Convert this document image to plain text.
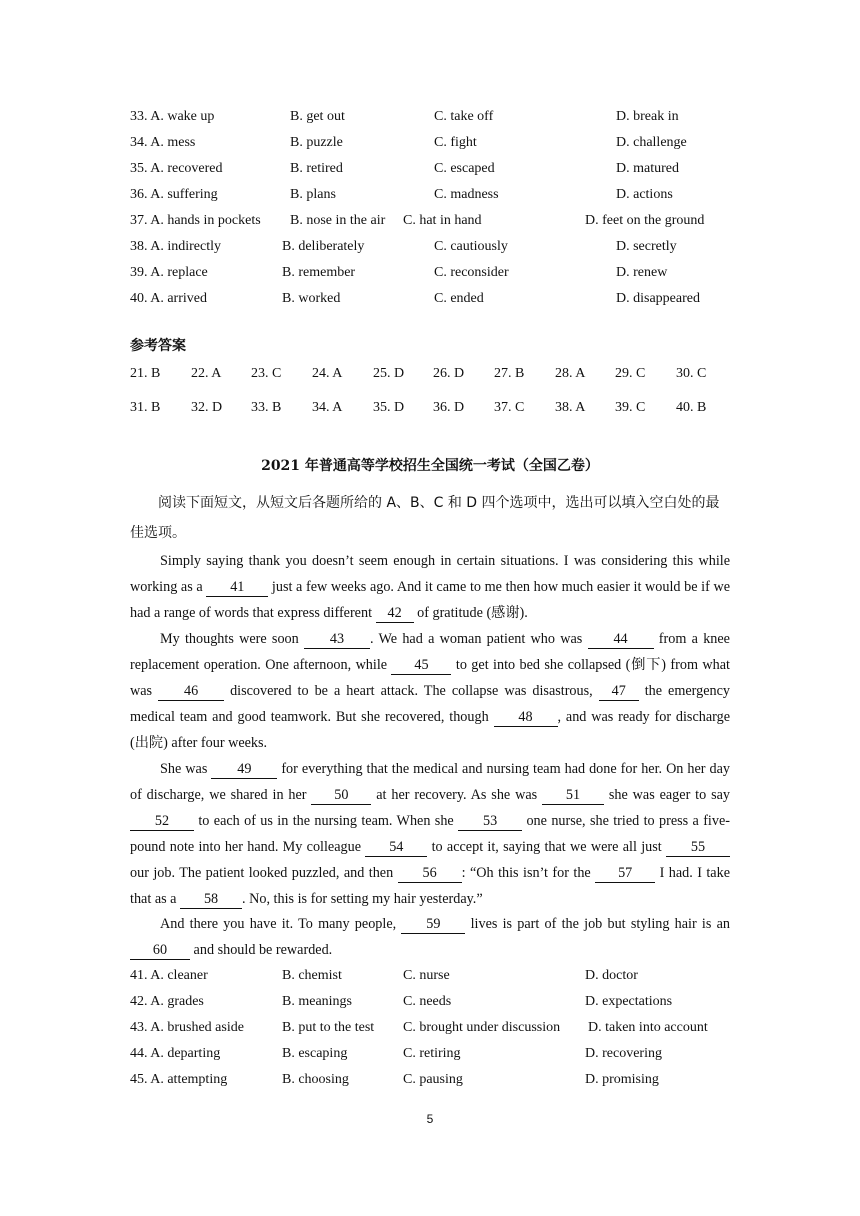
33. A. wake up	B. get out	C. take off	D. break in
34. A. mess	B. puzzle	C. fight	D. challenge
35. A. recovered	B. retired	C. escaped	D. matured
36. A. suffering	B. plans	C. madness	D. actions
37. A. hands in pockets B. nose in the air C. hat in hand	D. feet on the ground
38. A. indirectly	B. deliberately	C. cautiously	D. secretly
39. A. replace	B. remember	C. reconsider	D. renew
40. A. arrived	B. worked	C. ended	D. disappeared
参考答案
21. B 22. A 23. C 24. A 25. D 26. D 27. B 28. A 29. C 30. C
31. B 32. D 33. B 34. A 35. D 36. D 37. C 38. A 39. C 40. B
2021 年普通高等学校招生全国统一考试（全国乙卷）
阅读下面短文，从短文后各题所给的 A、B、C 和 D 四个选项中，选出可以填入空白处的最佳选项。
Simply saying thank you doesn’t seem enough in certain situations. I was considering this while working as a 41 just a few weeks ago. And it came to me then how much easier it would be if we had a range of words that express different 42 of gratitude (感谢).
My thoughts were soon 43 . We had a woman patient who was 44 from a knee replacement operation. One afternoon, while 45 to get into bed she collapsed (倒下) from what was 46 discovered to be a heart attack. The collapse was disastrous, 47 the emergency medical team and good teamwork. But she recovered, though 48 , and was ready for discharge (出院) after four weeks.
She was 49 for everything that the medical and nursing team had done for her. On her day of discharge, we shared in her 50 at her recovery. As she was 51 she was eager to say 52 to each of us in the nursing team. When she 53 one nurse, she tried to press a five-pound note into her hand. My colleague 54 to accept it, saying that we were all just 55 our job. The patient looked puzzled, and then 56 : “Oh this isn’t for the 57 I had. I take that as a 58 . No, this is for setting my hair yesterday.”
And there you have it. To many people, 59 lives is part of the job but styling hair is an 60 and should be rewarded.
41. A. cleaner	B. chemist	C. nurse	D. doctor
42. A. grades	B. meanings	C. needs	D. expectations
43. A. brushed aside	B. put to the test C. brought under discussion D. taken into account
44. A. departing	B. escaping	C. retiring	D. recovering
45. A. attempting	B. choosing	C. pausing	D. promising
5
